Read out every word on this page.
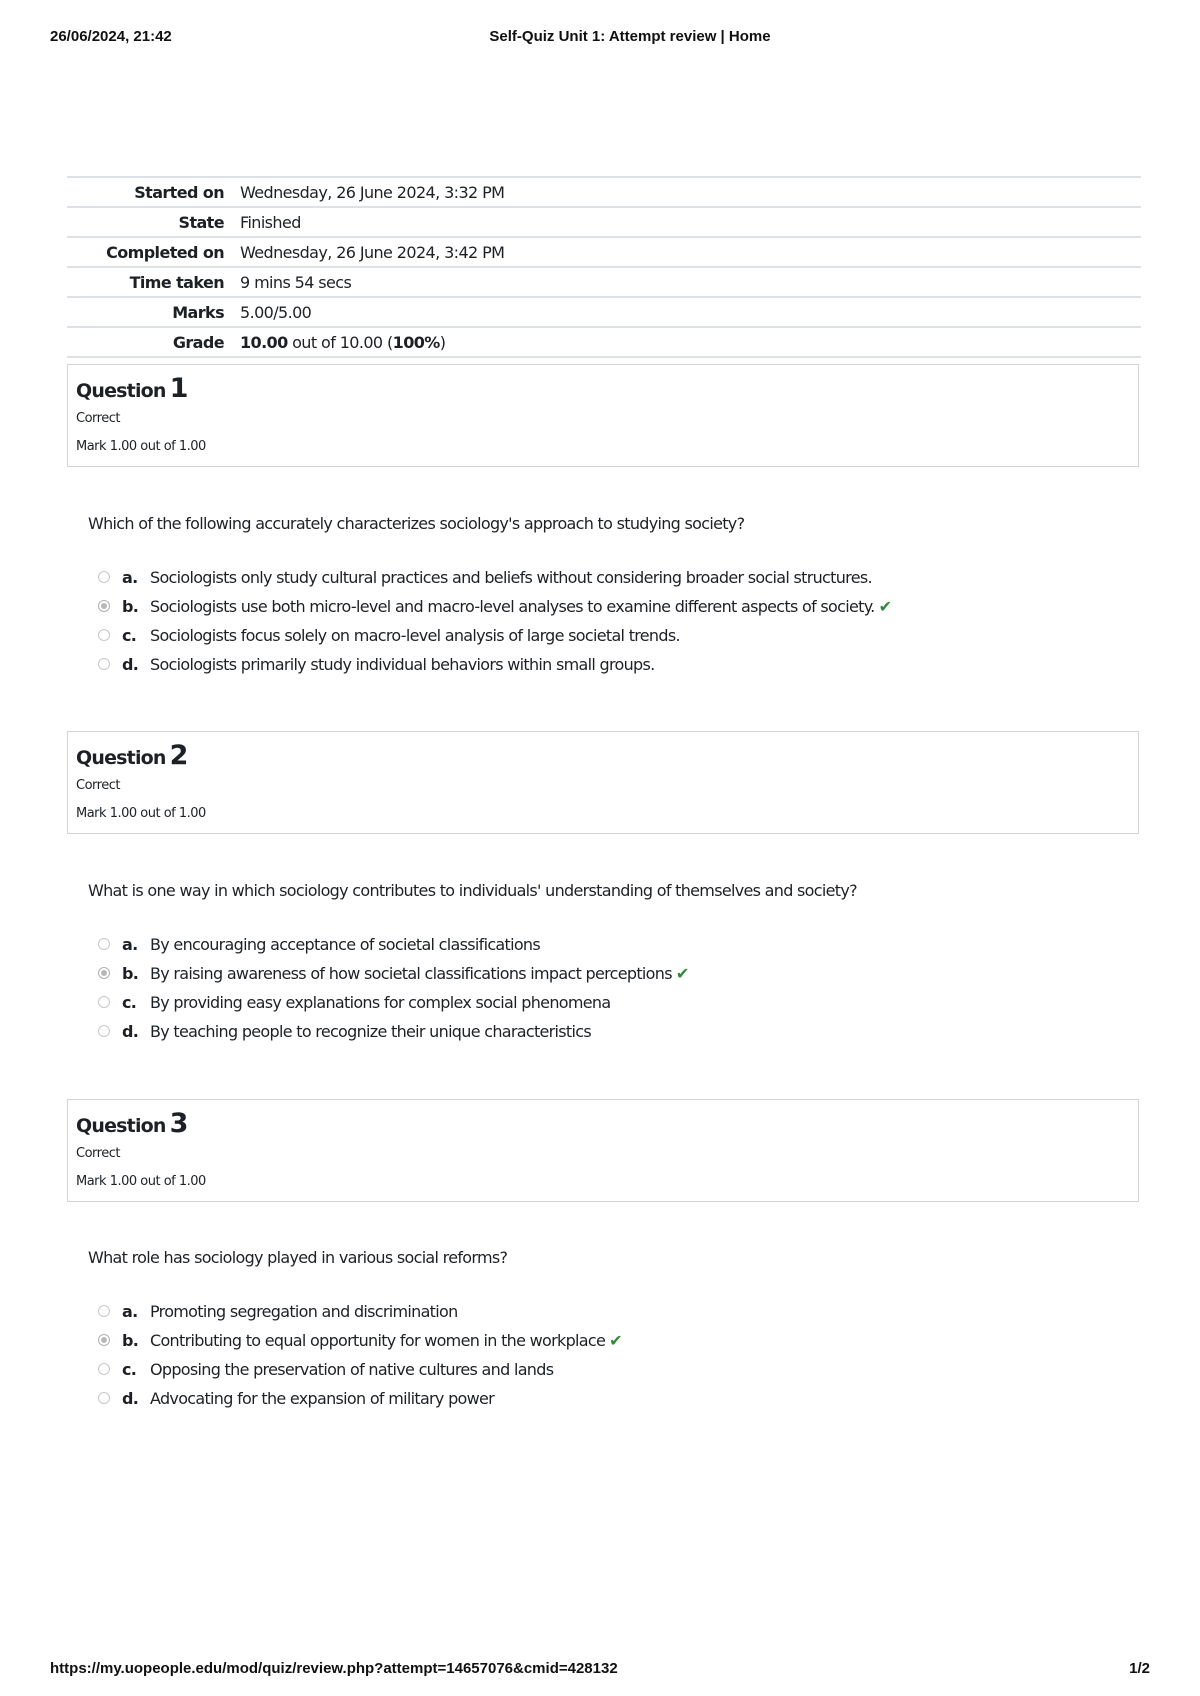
26/06/2024, 21:42	Self-Quiz Unit 1: Attempt review | Home
Started on	Wednesday, 26 June 2024, 3:32 PM
State	Finished
Completed on	Wednesday, 26 June 2024, 3:42 PM
Time taken	9 mins 54 secs
Marks	5.00/5.00
Grade	10.00 out of 10.00 (100%)
Question 1
Correct
Mark 1.00 out of 1.00
Which of the following accurately characterizes sociology's approach to studying society?
a. Sociologists only study cultural practices and beliefs without considering broader social structures.
b. Sociologists use both micro-level and macro-level analyses to examine different aspects of society. ✔
c. Sociologists focus solely on macro-level analysis of large societal trends.
d. Sociologists primarily study individual behaviors within small groups.
Question 2
Correct
Mark 1.00 out of 1.00
What is one way in which sociology contributes to individuals' understanding of themselves and society?
a. By encouraging acceptance of societal classifications
b. By raising awareness of how societal classifications impact perceptions ✔
c. By providing easy explanations for complex social phenomena
d. By teaching people to recognize their unique characteristics
Question 3
Correct
Mark 1.00 out of 1.00
What role has sociology played in various social reforms?
a. Promoting segregation and discrimination
b. Contributing to equal opportunity for women in the workplace ✔
c. Opposing the preservation of native cultures and lands
d. Advocating for the expansion of military power
https://my.uopeople.edu/mod/quiz/review.php?attempt=14657076&cmid=428132	1/2
